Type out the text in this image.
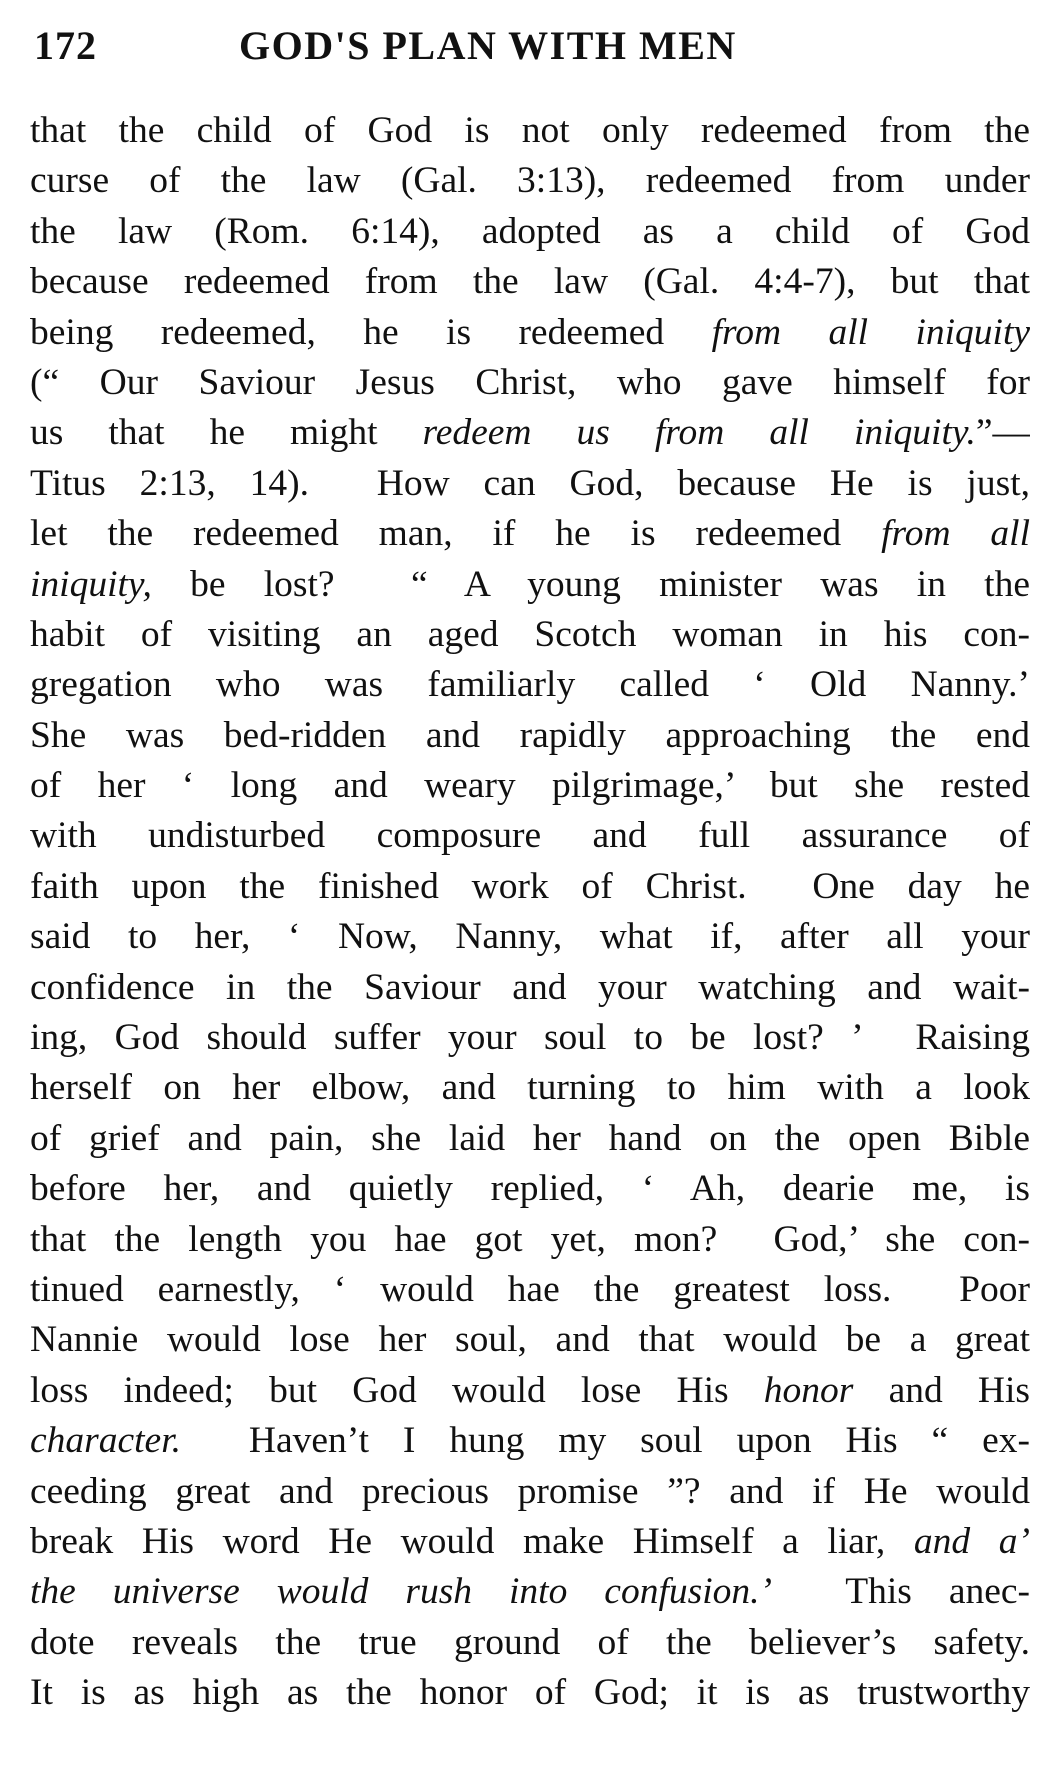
172	GOD'S PLAN WITH MEN
that the child of God is not only redeemed from the
curse of the law (Gal. 3:13), redeemed from under
the law (Rom. 6:14), adopted as a child of God
because redeemed from the law (Gal. 4:4-7), but that
being redeemed, he is redeemed from all iniquity
(“ Our Saviour Jesus Christ, who gave himself for
us that he might redeem us from all iniquity.”—
Titus 2:13, 14).  How can God, because He is just,
let the redeemed man, if he is redeemed from all
iniquity, be lost?  “ A young minister was in the
habit of visiting an aged Scotch woman in his con-
gregation who was familiarly called ‘ Old Nanny.’
She was bed-ridden and rapidly approaching the end
of her ‘ long and weary pilgrimage,’ but she rested
with undisturbed composure and full assurance of
faith upon the finished work of Christ.  One day he
said to her, ‘ Now, Nanny, what if, after all your
confidence in the Saviour and your watching and wait-
ing, God should suffer your soul to be lost? ’  Raising
herself on her elbow, and turning to him with a look
of grief and pain, she laid her hand on the open Bible
before her, and quietly replied, ‘ Ah, dearie me, is
that the length you hae got yet, mon?  God,’ she con-
tinued earnestly, ‘ would hae the greatest loss.  Poor
Nannie would lose her soul, and that would be a great
loss indeed; but God would lose His honor and His
character.  Haven’t I hung my soul upon His “ ex-
ceeding great and precious promise ”? and if He would
break His word He would make Himself a liar, and a’
the universe would rush into confusion.’  This anec-
dote reveals the true ground of the believer’s safety.
It is as high as the honor of God; it is as trustworthy
